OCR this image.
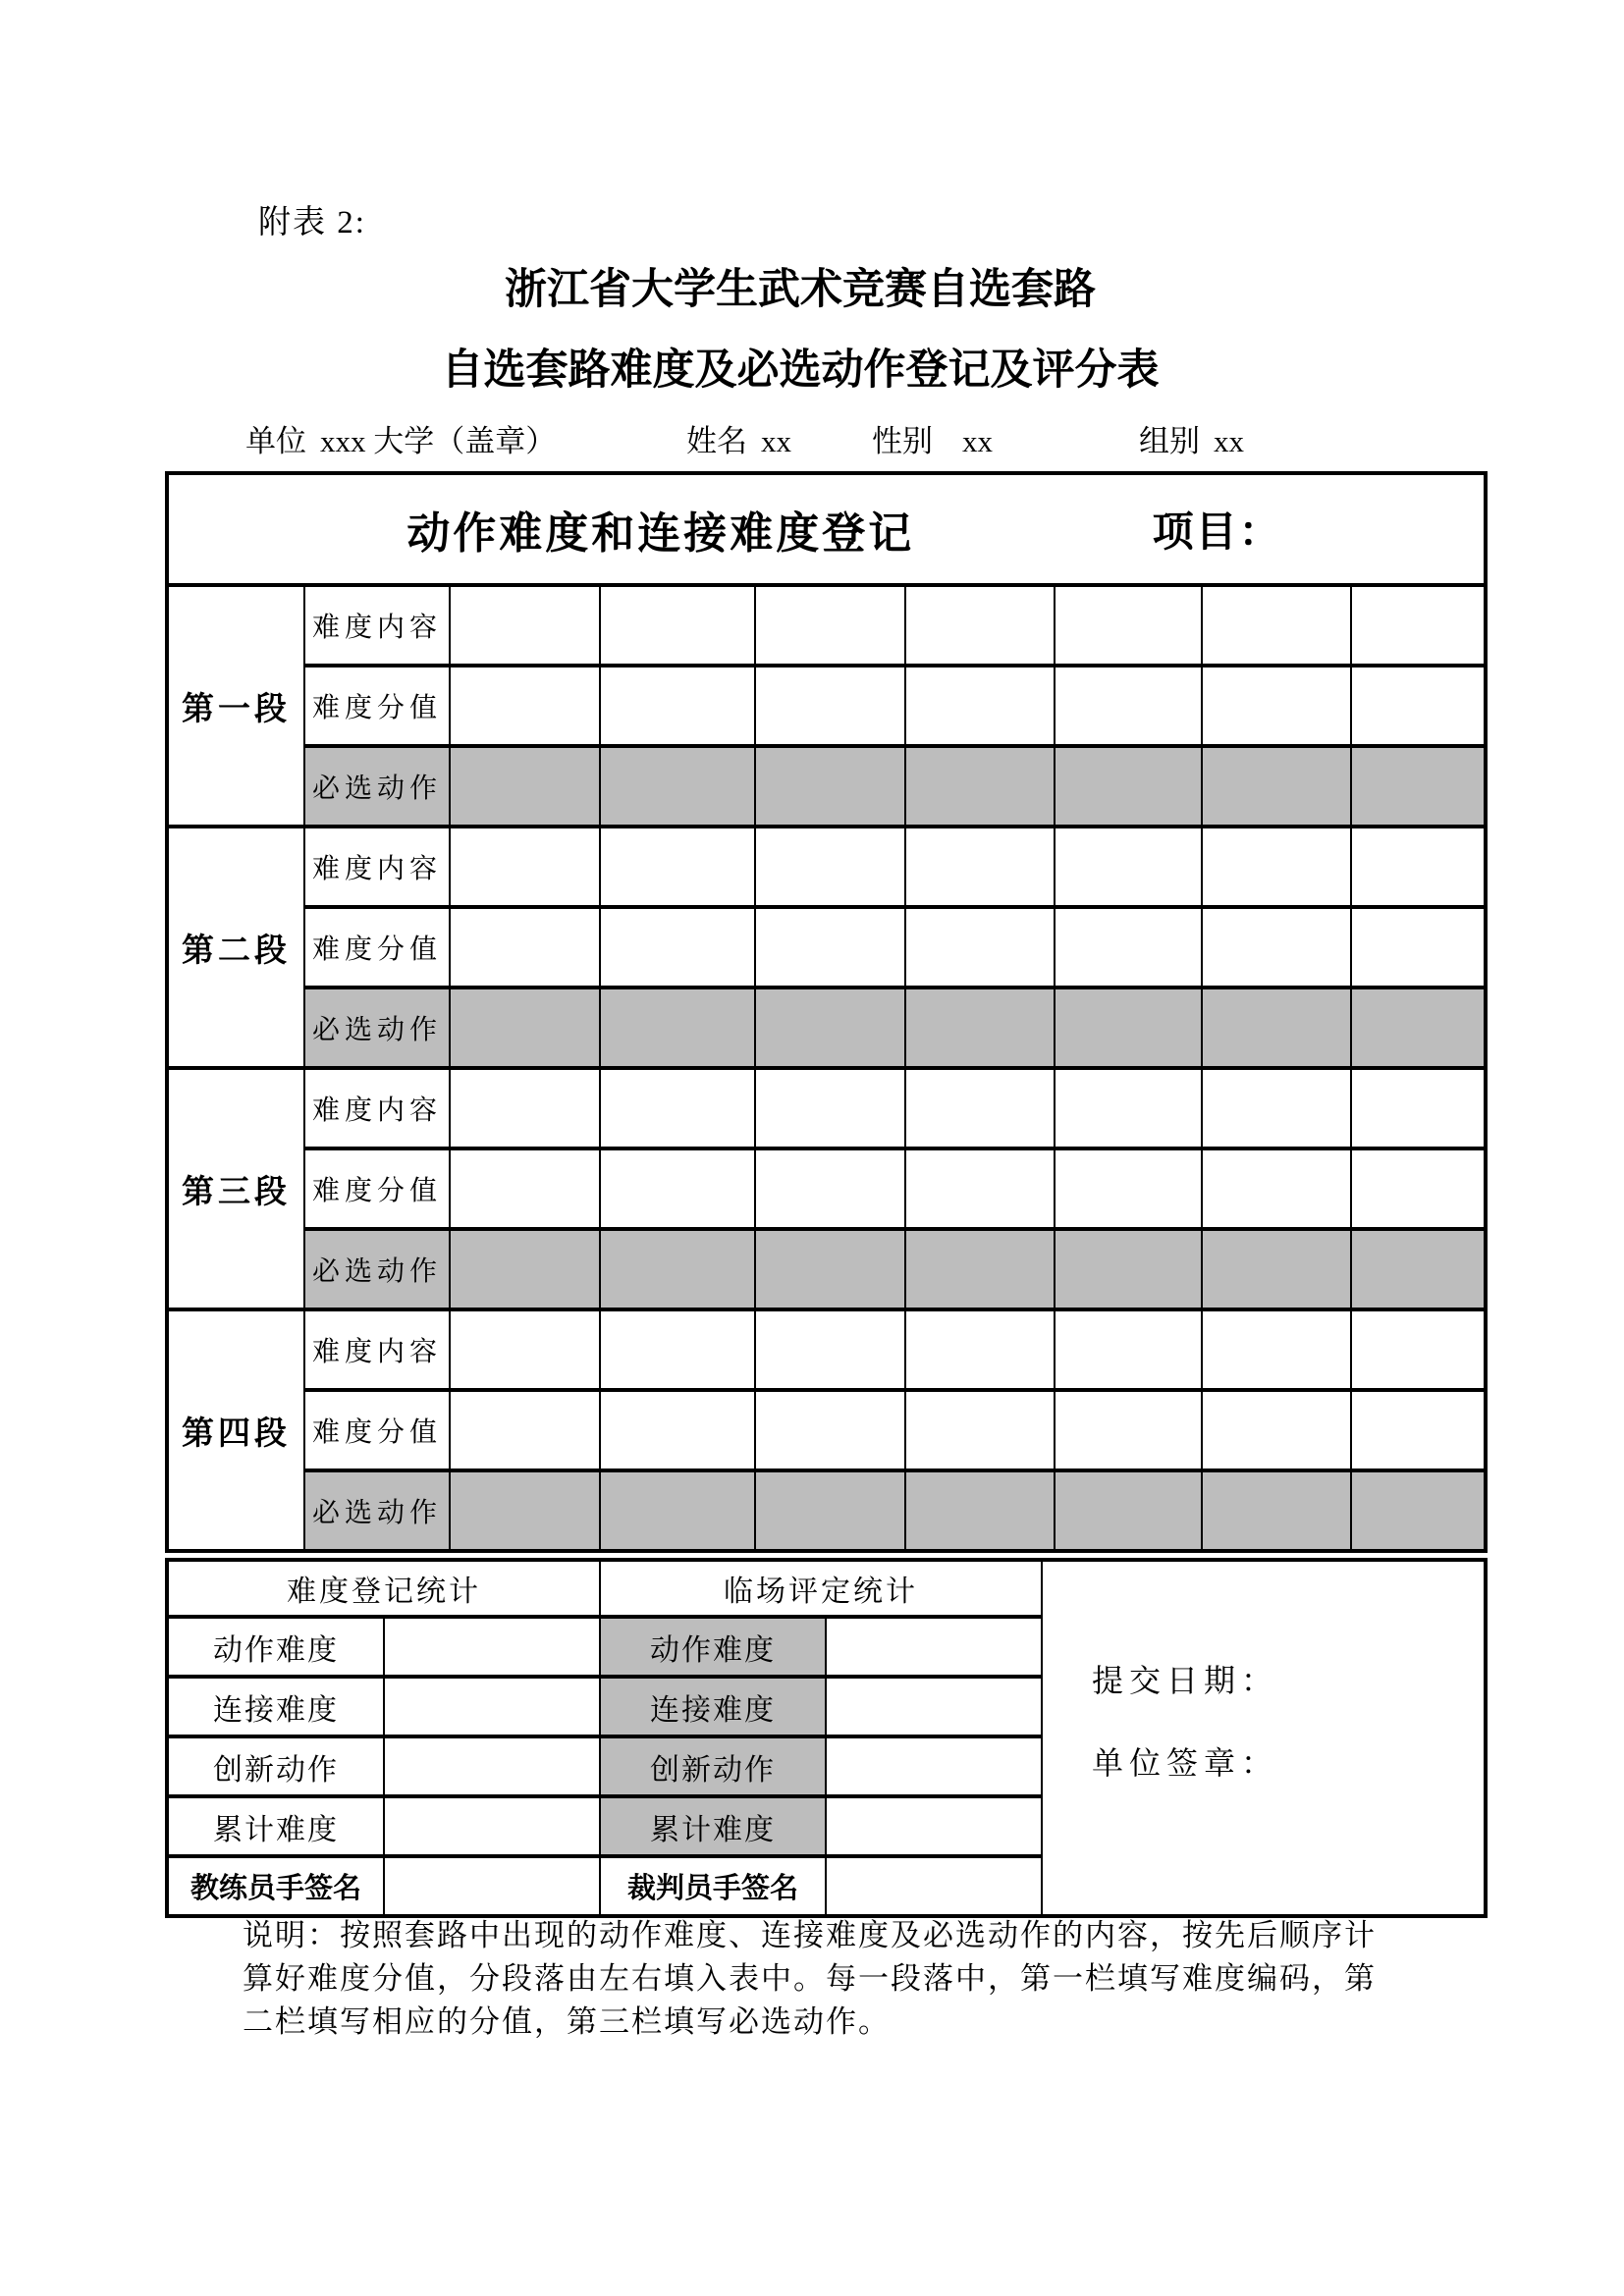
附表 2:
浙江省大学生武术竞赛自选套路
自选套路难度及必选动作登记及评分表
单位 xxx 大学（盖章）	姓名 xx	性别 xx	组别 xx
动作难度和连接难度登记 项目：								

第一段	难度内容							
	难度分值							
	必选动作							
第二段	难度内容							
	难度分值							
	必选动作							
第三段	难度内容							
	难度分值							
	必选动作							
第四段	难度内容							
	难度分值							
	必选动作							
难度登记统计		临场评定统计		提交日期：
单位签章：

动作难度		动作难度		
连接难度		连接难度		
创新动作		创新动作		
累计难度		累计难度		
教练员手签名		裁判员手签名		
说明：按照套路中出现的动作难度、连接难度及必选动作的内容，按先后顺序计
算好难度分值，分段落由左右填入表中。每一段落中，第一栏填写难度编码，第
二栏填写相应的分值，第三栏填写必选动作。
